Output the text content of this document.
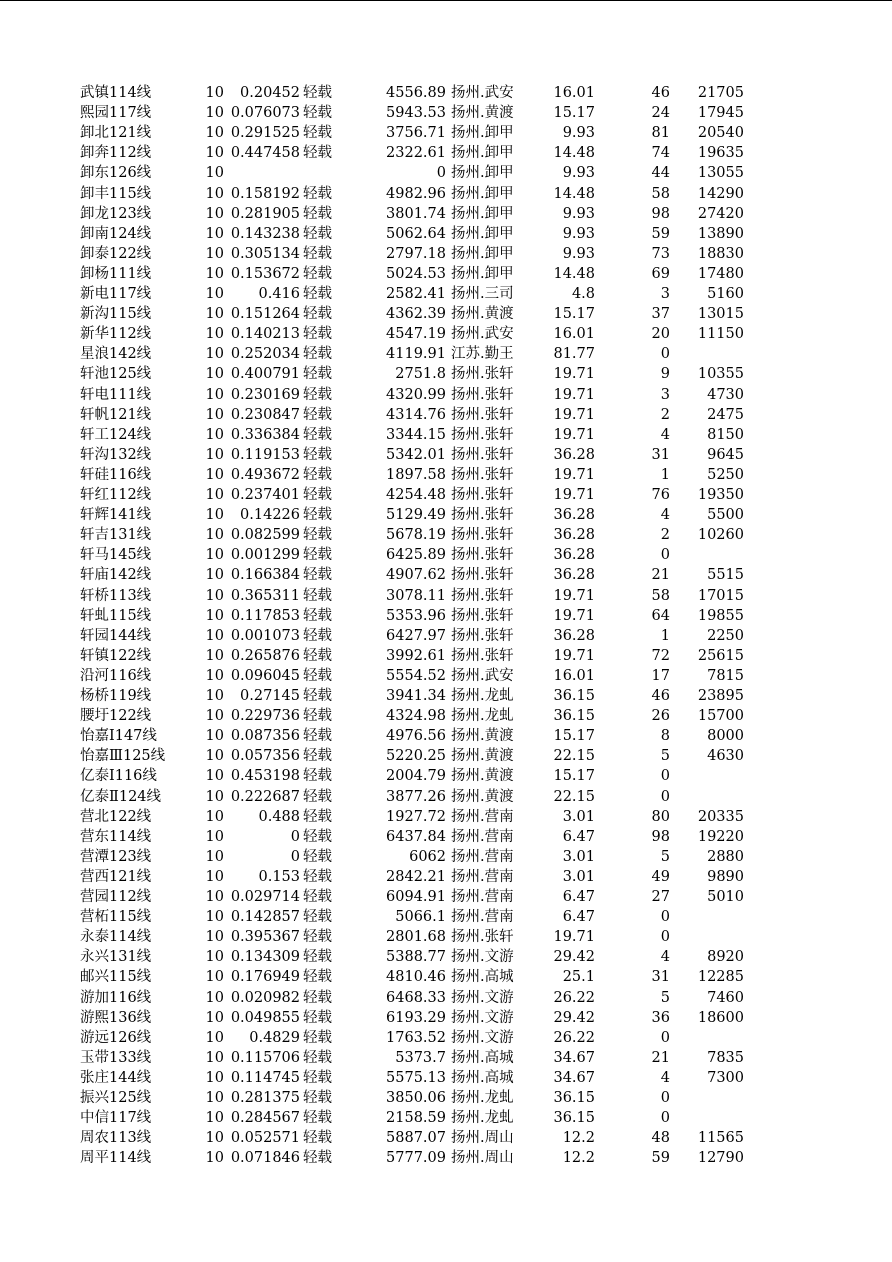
武镇114线	10	0.20452 轻载	4556.89 扬州.武安	16.01	46	21705
熙园117线	10 0.076073 轻载	5943.53 扬州.黄渡	15.17	24	17945
卸北121线	10 0.291525 轻载	3756.71 扬州.卸甲	9.93	81	20540
卸奔112线	10 0.447458 轻载	2322.61 扬州.卸甲	14.48	74	19635
卸东126线	10	0 扬州.卸甲	9.93	44	13055
卸丰115线	10 0.158192 轻载	4982.96 扬州.卸甲	14.48	58	14290
卸龙123线	10 0.281905 轻载	3801.74 扬州.卸甲	9.93	98	27420
卸南124线	10 0.143238 轻载	5062.64 扬州.卸甲	9.93	59	13890
卸泰122线	10 0.305134 轻载	2797.18 扬州.卸甲	9.93	73	18830
卸杨111线	10 0.153672 轻载	5024.53 扬州.卸甲	14.48	69	17480
新电117线	10	0.416 轻载	2582.41 扬州.三司	4.8	3	5160
新沟115线	10 0.151264 轻载	4362.39 扬州.黄渡	15.17	37	13015
新华112线	10 0.140213 轻载	4547.19 扬州.武安	16.01	20	11150
星浪142线	10 0.252034 轻载	4119.91 江苏.勤王	81.77	0
轩池125线	10 0.400791 轻载	2751.8 扬州.张轩	19.71	9	10355
轩电111线	10 0.230169 轻载	4320.99 扬州.张轩	19.71	3	4730
轩帆121线	10 0.230847 轻载	4314.76 扬州.张轩	19.71	2	2475
轩工124线	10 0.336384 轻载	3344.15 扬州.张轩	19.71	4	8150
轩沟132线	10 0.119153 轻载	5342.01 扬州.张轩	36.28	31	9645
轩硅116线	10 0.493672 轻载	1897.58 扬州.张轩	19.71	1	5250
轩红112线	10 0.237401 轻载	4254.48 扬州.张轩	19.71	76	19350
轩辉141线	10	0.14226 轻载	5129.49 扬州.张轩	36.28	4	5500
轩吉131线	10 0.082599 轻载	5678.19 扬州.张轩	36.28	2	10260
轩马145线	10 0.001299 轻载	6425.89 扬州.张轩	36.28	0
轩庙142线	10 0.166384 轻载	4907.62 扬州.张轩	36.28	21	5515
轩桥113线	10 0.365311 轻载	3078.11 扬州.张轩	19.71	58	17015
轩虬115线	10 0.117853 轻载	5353.96 扬州.张轩	19.71	64	19855
轩园144线	10 0.001073 轻载	6427.97 扬州.张轩	36.28	1	2250
轩镇122线	10 0.265876 轻载	3992.61 扬州.张轩	19.71	72	25615
沿河116线	10 0.096045 轻载	5554.52 扬州.武安	16.01	17	7815
杨桥119线	10	0.27145 轻载	3941.34 扬州.龙虬	36.15	46	23895
腰圩122线	10 0.229736 轻载	4324.98 扬州.龙虬	36.15	26	15700
怡嘉Ⅰ147线	10 0.087356 轻载	4976.56 扬州.黄渡	15.17	8	8000
怡嘉Ⅲ125线	10 0.057356 轻载	5220.25 扬州.黄渡	22.15	5	4630
亿泰Ⅰ116线	10 0.453198 轻载	2004.79 扬州.黄渡	15.17	0
亿泰Ⅱ124线	10 0.222687 轻载	3877.26 扬州.黄渡	22.15	0
营北122线	10	0.488 轻载	1927.72 扬州.营南	3.01	80	20335
营东114线	10	0 轻载	6437.84 扬州.营南	6.47	98	19220
营潭123线	10	0 轻载	6062 扬州.营南	3.01	5	2880
营西121线	10	0.153 轻载	2842.21 扬州.营南	3.01	49	9890
营园112线	10 0.029714 轻载	6094.91 扬州.营南	6.47	27	5010
营柘115线	10 0.142857 轻载	5066.1 扬州.营南	6.47	0
永泰114线	10 0.395367 轻载	2801.68 扬州.张轩	19.71	0
永兴131线	10 0.134309 轻载	5388.77 扬州.文游	29.42	4	8920
邮兴115线	10 0.176949 轻载	4810.46 扬州.高城	25.1	31	12285
游加116线	10 0.020982 轻载	6468.33 扬州.文游	26.22	5	7460
游熙136线	10 0.049855 轻载	6193.29 扬州.文游	29.42	36	18600
游远126线	10	0.4829 轻载	1763.52 扬州.文游	26.22	0
玉带133线	10 0.115706 轻载	5373.7 扬州.高城	34.67	21	7835
张庄144线	10 0.114745 轻载	5575.13 扬州.高城	34.67	4	7300
振兴125线	10 0.281375 轻载	3850.06 扬州.龙虬	36.15	0
中信117线	10 0.284567 轻载	2158.59 扬州.龙虬	36.15	0
周农113线	10 0.052571 轻载	5887.07 扬州.周山	12.2	48	11565
周平114线	10 0.071846 轻载	5777.09 扬州.周山	12.2	59	12790
